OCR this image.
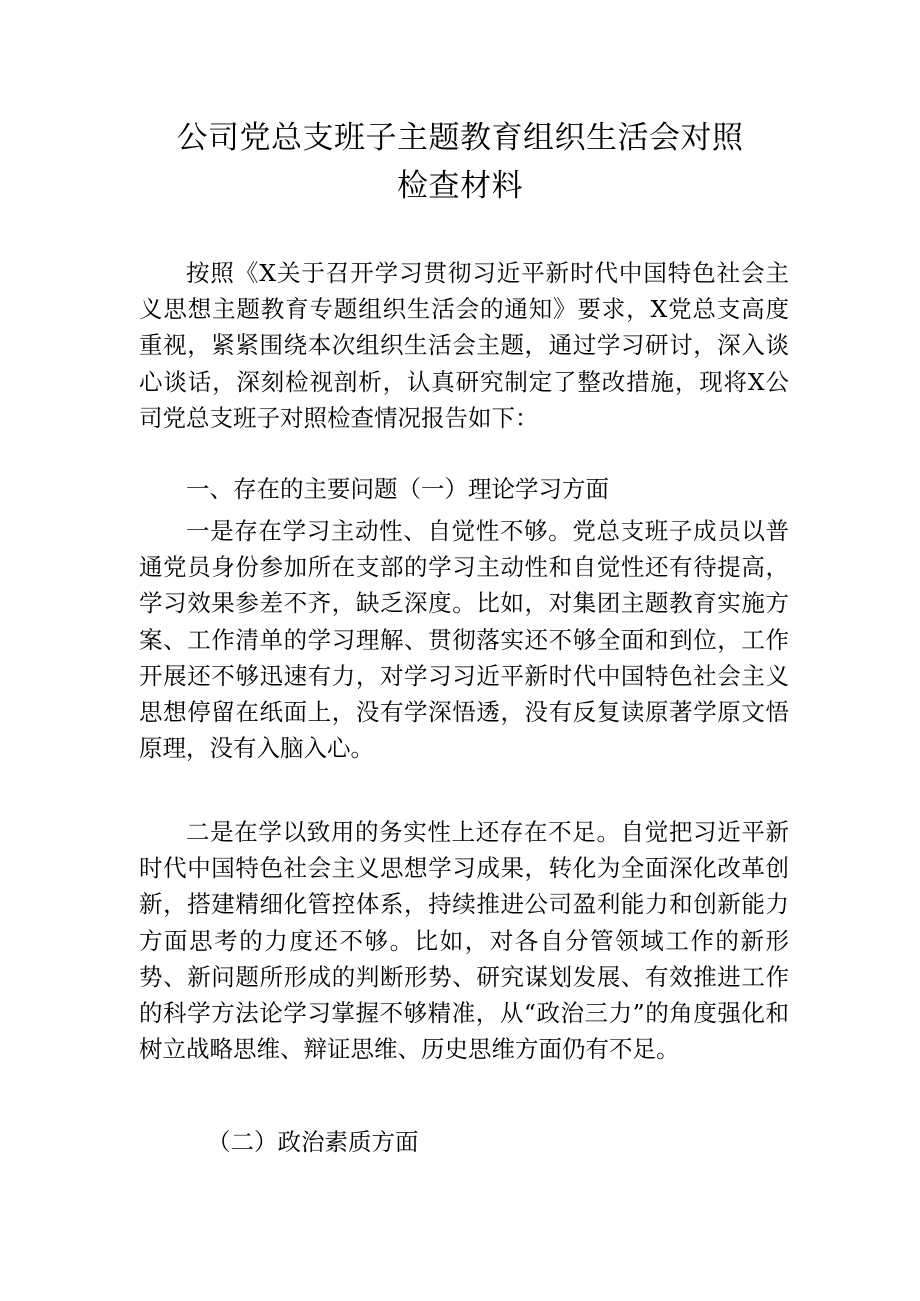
公司党总支班子主题教育组织生活会对照
检查材料

按照《X关于召开学习贯彻习近平新时代中国特色社会主义思想主题教育专题组织生活会的通知》要求，X党总支高度重视，紧紧围绕本次组织生活会主题，通过学习研讨，深入谈心谈话，深刻检视剖析，认真研究制定了整改措施，现将X公司党总支班子对照检查情况报告如下：

一、存在的主要问题（一）理论学习方面

一是存在学习主动性、自觉性不够。党总支班子成员以普通党员身份参加所在支部的学习主动性和自觉性还有待提高，学习效果参差不齐，缺乏深度。比如，对集团主题教育实施方案、工作清单的学习理解、贯彻落实还不够全面和到位，工作开展还不够迅速有力，对学习习近平新时代中国特色社会主义思想停留在纸面上，没有学深悟透，没有反复读原著学原文悟原理，没有入脑入心。

二是在学以致用的务实性上还存在不足。自觉把习近平新时代中国特色社会主义思想学习成果，转化为全面深化改革创新，搭建精细化管控体系，持续推进公司盈利能力和创新能力方面思考的力度还不够。比如，对各自分管领域工作的新形势、新问题所形成的判断形势、研究谋划发展、有效推进工作的科学方法论学习掌握不够精准，从“政治三力”的角度强化和树立战略思维、辩证思维、历史思维方面仍有不足。

（二）政治素质方面
